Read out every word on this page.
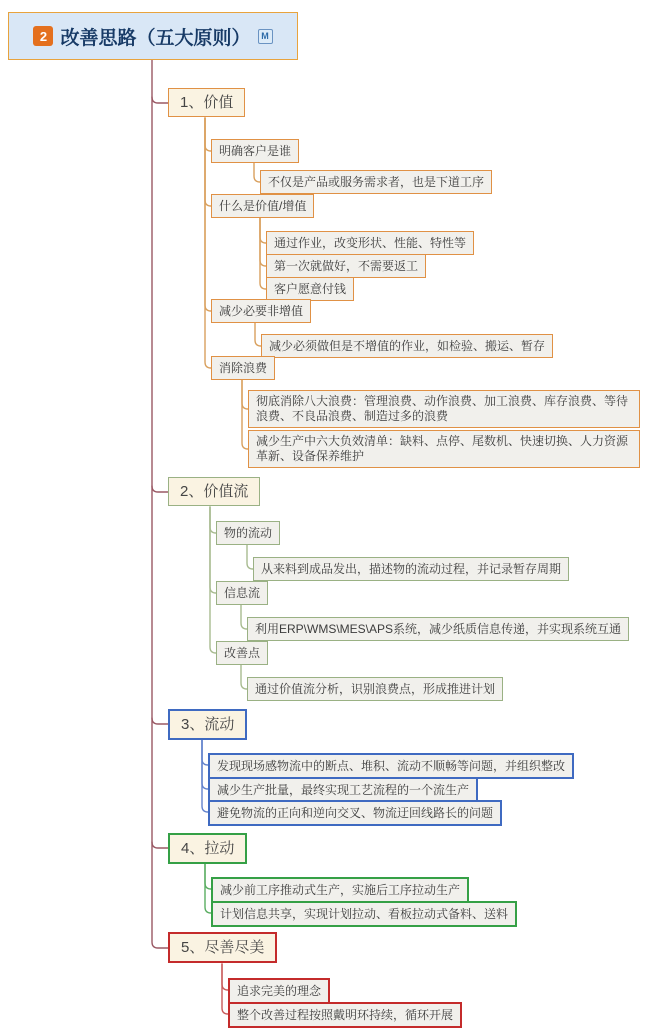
2 改善思路（五大原则）	M
1、价值
明确客户是谁
不仅是产品或服务需求者，也是下道工序
什么是价值/增值
通过作业，改变形状、性能、特性等
第一次就做好，不需要返工
客户愿意付钱
减少必要非增值
减少必须做但是不增值的作业，如检验、搬运、暂存
消除浪费
彻底消除八大浪费：管理浪费、动作浪费、加工浪费、库存浪费、等待浪费、不良品浪费、制造过多的浪费
减少生产中六大负效清单：缺料、点停、尾数机、快速切换、人力资源革新、设备保养维护
2、价值流
物的流动
从来料到成品发出，描述物的流动过程，并记录暂存周期
信息流
利用ERP\WMS\MES\APS系统，减少纸质信息传递，并实现系统互通
改善点
通过价值流分析，识别浪费点，形成推进计划
3、流动
发现现场感物流中的断点、堆积、流动不顺畅等问题，并组织整改
减少生产批量，最终实现工艺流程的一个流生产
避免物流的正向和逆向交叉、物流迂回线路长的问题
4、拉动
减少前工序推动式生产，实施后工序拉动生产
计划信息共享，实现计划拉动、看板拉动式备料、送料
5、尽善尽美
追求完美的理念
整个改善过程按照戴明环持续，循环开展
